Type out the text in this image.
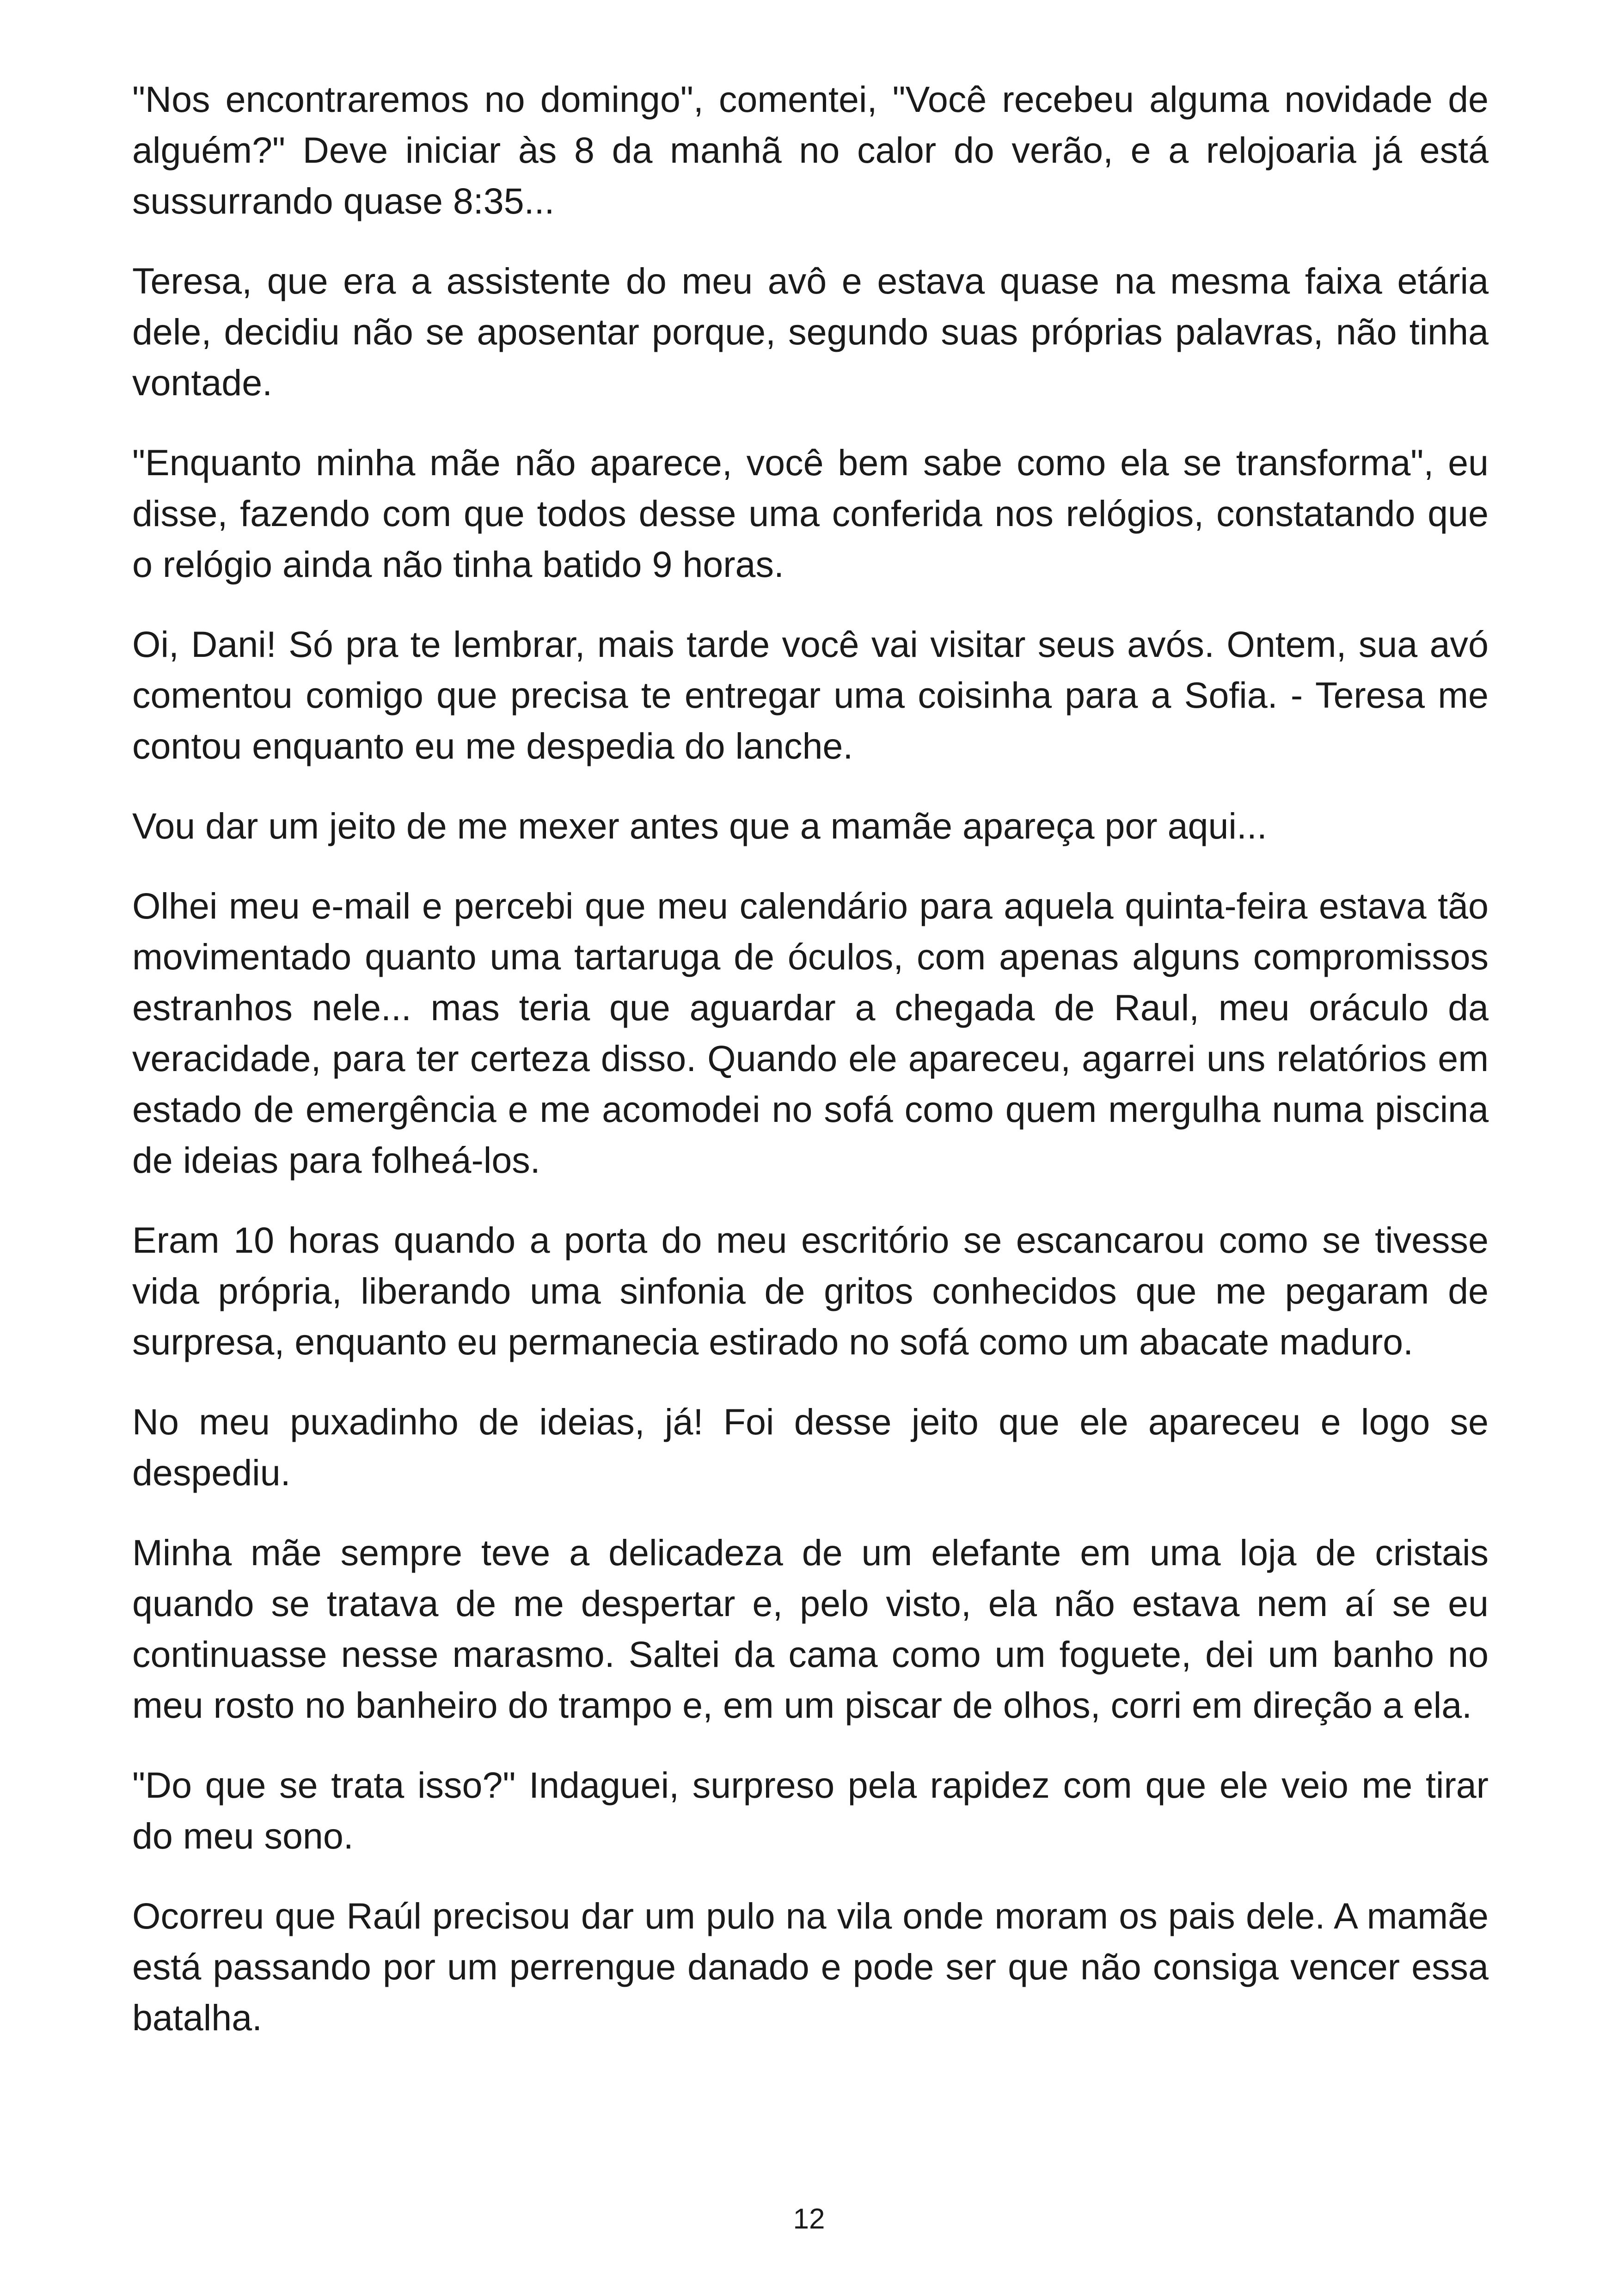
"Nos encontraremos no domingo", comentei, "Você recebeu alguma novidade de alguém?" Deve iniciar às 8 da manhã no calor do verão, e a relojoaria já está sussurrando quase 8:35...

Teresa, que era a assistente do meu avô e estava quase na mesma faixa etária dele, decidiu não se aposentar porque, segundo suas próprias palavras, não tinha vontade.

"Enquanto minha mãe não aparece, você bem sabe como ela se transforma", eu disse, fazendo com que todos desse uma conferida nos relógios, constatando que o relógio ainda não tinha batido 9 horas.

Oi, Dani! Só pra te lembrar, mais tarde você vai visitar seus avós. Ontem, sua avó comentou comigo que precisa te entregar uma coisinha para a Sofia. - Teresa me contou enquanto eu me despedia do lanche.

Vou dar um jeito de me mexer antes que a mamãe apareça por aqui...

Olhei meu e-mail e percebi que meu calendário para aquela quinta-feira estava tão movimentado quanto uma tartaruga de óculos, com apenas alguns compromissos estranhos nele... mas teria que aguardar a chegada de Raul, meu oráculo da veracidade, para ter certeza disso. Quando ele apareceu, agarrei uns relatórios em estado de emergência e me acomodei no sofá como quem mergulha numa piscina de ideias para folheá-los.

Eram 10 horas quando a porta do meu escritório se escancarou como se tivesse vida própria, liberando uma sinfonia de gritos conhecidos que me pegaram de surpresa, enquanto eu permanecia estirado no sofá como um abacate maduro.

No meu puxadinho de ideias, já! Foi desse jeito que ele apareceu e logo se despediu.

Minha mãe sempre teve a delicadeza de um elefante em uma loja de cristais quando se tratava de me despertar e, pelo visto, ela não estava nem aí se eu continuasse nesse marasmo. Saltei da cama como um foguete, dei um banho no meu rosto no banheiro do trampo e, em um piscar de olhos, corri em direção a ela.

"Do que se trata isso?" Indaguei, surpreso pela rapidez com que ele veio me tirar do meu sono.

Ocorreu que Raúl precisou dar um pulo na vila onde moram os pais dele. A mamãe está passando por um perrengue danado e pode ser que não consiga vencer essa batalha.

12
